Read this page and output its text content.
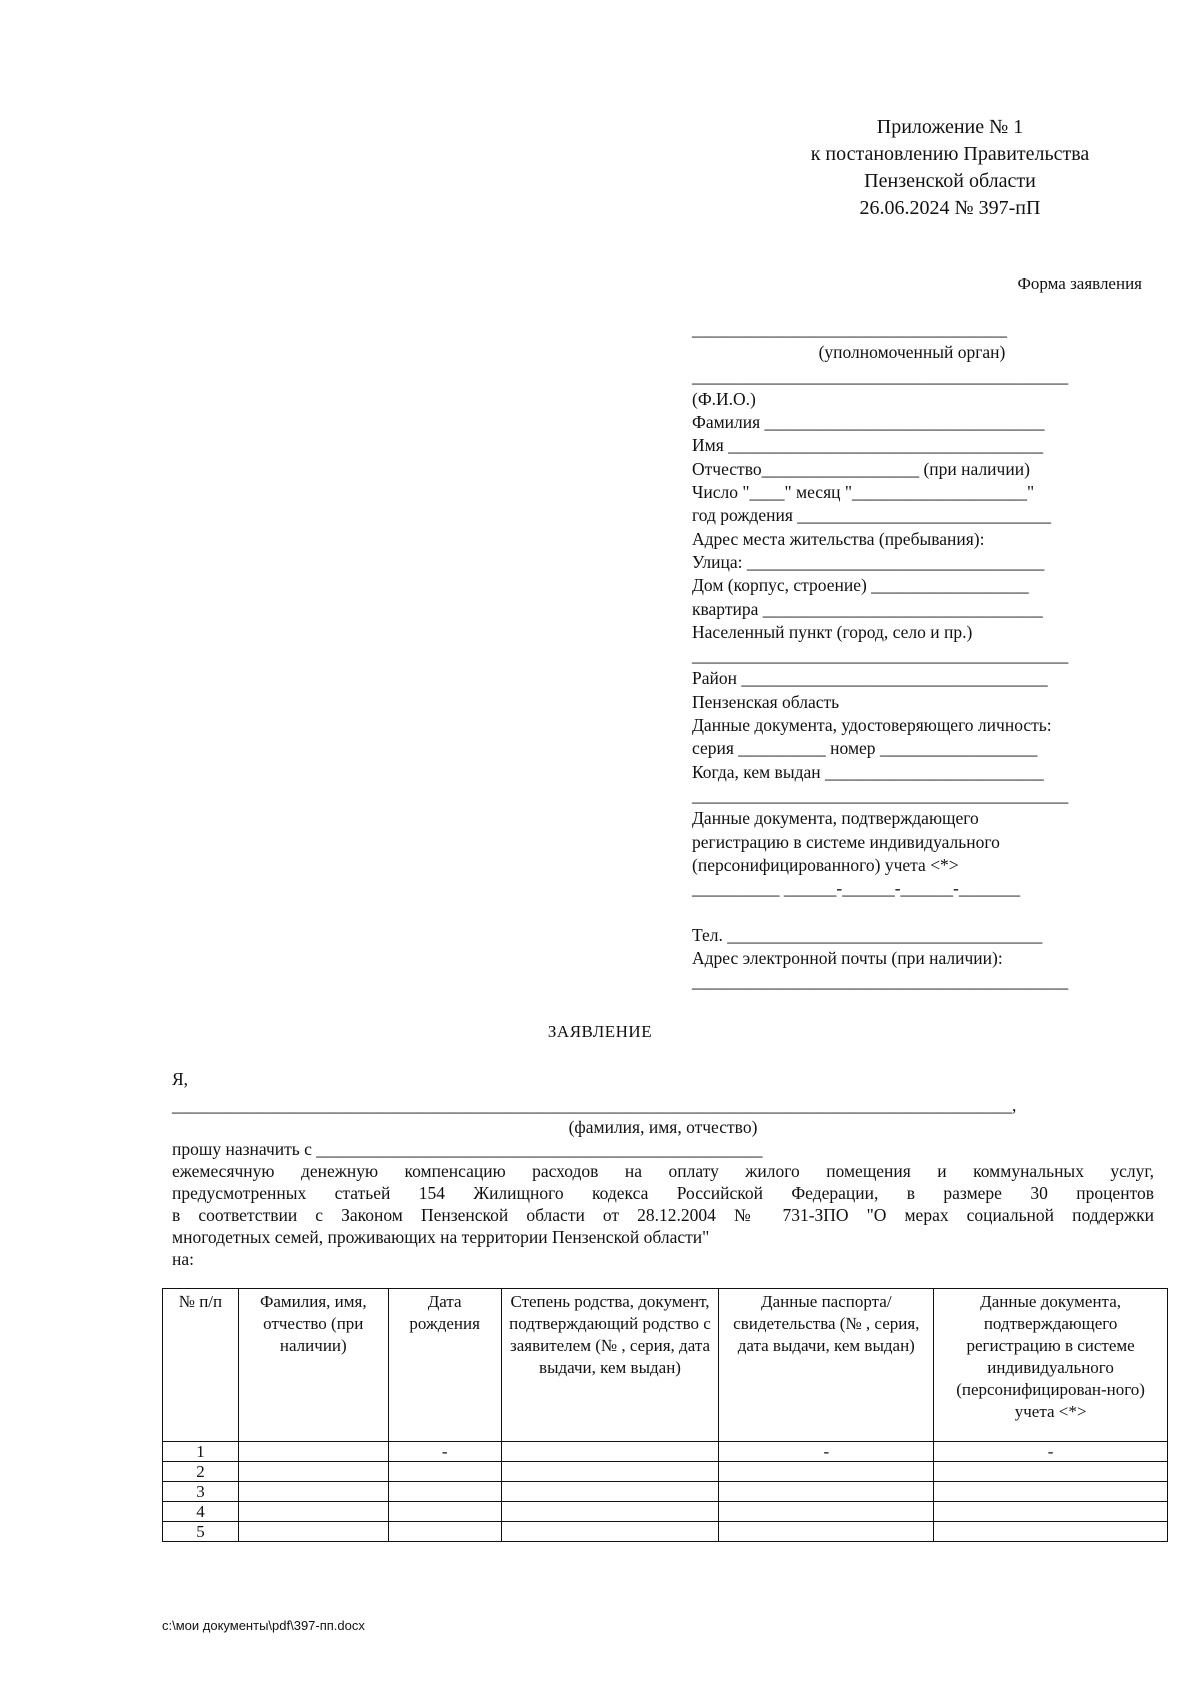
Приложение № 1
к постановлению Правительства
Пензенской области
26.06.2024 № 397-пП
Форма заявления
____________________________________
(уполномоченный орган)
___________________________________________
(Ф.И.О.)
Фамилия ________________________________
Имя ____________________________________
Отчество__________________ (при наличии)
Число "____" месяц "____________________"
год рождения _____________________________
Адрес места жительства (пребывания):
Улица: __________________________________
Дом (корпус, строение) __________________
квартира ________________________________
Населенный пункт (город, село и пр.)
___________________________________________
Район ___________________________________
Пензенская область
Данные документа, удостоверяющего личность:
серия __________ номер __________________
Когда, кем выдан _________________________
___________________________________________
Данные документа, подтверждающего
регистрацию в системе индивидуального
(персонифицированного) учета <*>
__________ ______-______-______-_______
Тел. ____________________________________
Адрес электронной почты (при наличии):
___________________________________________
ЗАЯВЛЕНИЕ
Я,
________________________________________________________________________________________________,
(фамилия, имя, отчество)
прошу назначить с ___________________________________________________
ежемесячную денежную компенсацию расходов на оплату жилого помещения и коммунальных услуг,
предусмотренных статьей 154 Жилищного кодекса Российской Федерации, в размере 30 процентов
в соответствии с Законом Пензенской области от 28.12.2004 № 731-ЗПО "О мерах социальной поддержки
многодетных семей, проживающих на территории Пензенской области"
на:
№ п/п	Фамилия, имя, отчество (при наличии)	Дата рождения	Степень родства, документ, подтверждающий родство с заявителем (№ , серия, дата выдачи, кем выдан)	Данные паспорта/ свидетельства (№ , серия, дата выдачи, кем выдан)	Данные документа, подтверждающего регистрацию в системе индивидуального (персонифицирован-ного) учета <*>
1		-		-	-
2					
3					
4					
5					
c:\мои документы\pdf\397-пп.docx
